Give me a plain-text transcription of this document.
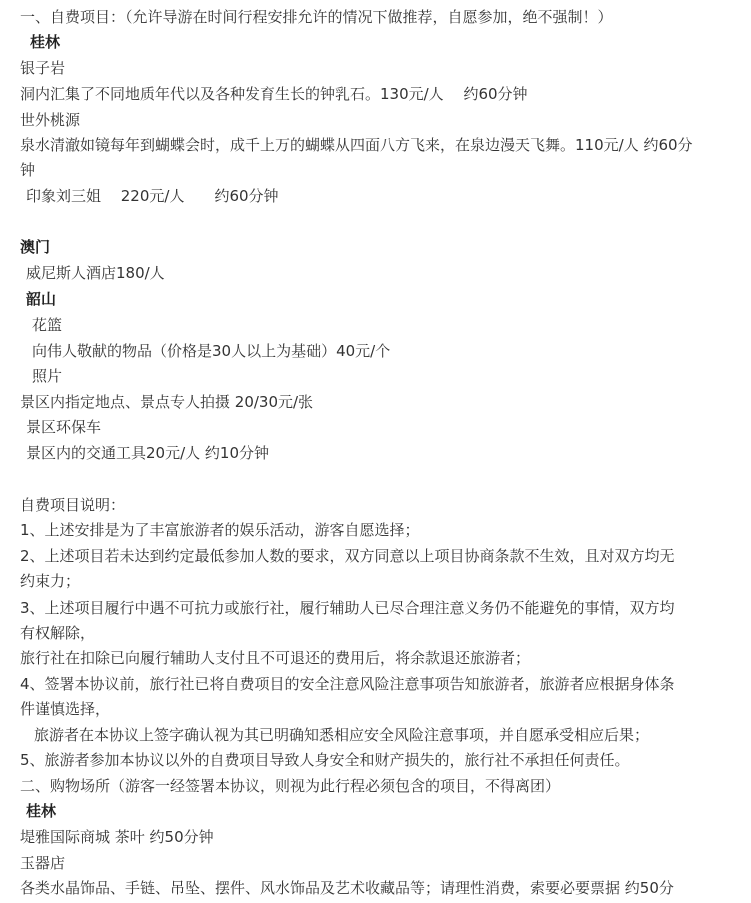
一、自费项目：（允许导游在时间行程安排允许的情况下做推荐，自愿参加，绝不强制！）
桂林
银子岩
洞内汇集了不同地质年代以及各种发育生长的钟乳石。130元/人　 约60分钟
世外桃源
泉水清澈如镜每年到蝴蝶会时，成千上万的蝴蝶从四面八方飞来，在泉边漫天飞舞。110元/人 约60分
钟
印象刘三姐　 220元/人　　约60分钟
澳门
威尼斯人酒店180/人
韶山
花篮
向伟人敬献的物品（价格是30人以上为基础）40元/个
照片
景区内指定地点、景点专人拍摄 20/30元/张
景区环保车
景区内的交通工具20元/人 约10分钟
自费项目说明：
1、上述安排是为了丰富旅游者的娱乐活动，游客自愿选择；
2、上述项目若未达到约定最低参加人数的要求，双方同意以上项目协商条款不生效，且对双方均无
约束力；
3、上述项目履行中遇不可抗力或旅行社，履行辅助人已尽合理注意义务仍不能避免的事情，双方均
有权解除，
旅行社在扣除已向履行辅助人支付且不可退还的费用后，将余款退还旅游者；
4、签署本协议前，旅行社已将自费项目的安全注意风险注意事项告知旅游者，旅游者应根据身体条
件谨慎选择，
旅游者在本协议上签字确认视为其已明确知悉相应安全风险注意事项，并自愿承受相应后果；
5、旅游者参加本协议以外的自费项目导致人身安全和财产损失的，旅行社不承担任何责任。
二、购物场所（游客一经签署本协议，则视为此行程必须包含的项目，不得离团）
桂林
堤雅国际商城 茶叶 约50分钟
玉器店
各类水晶饰品、手链、吊坠、摆件、风水饰品及艺术收藏品等；请理性消费，索要必要票据 约50分
